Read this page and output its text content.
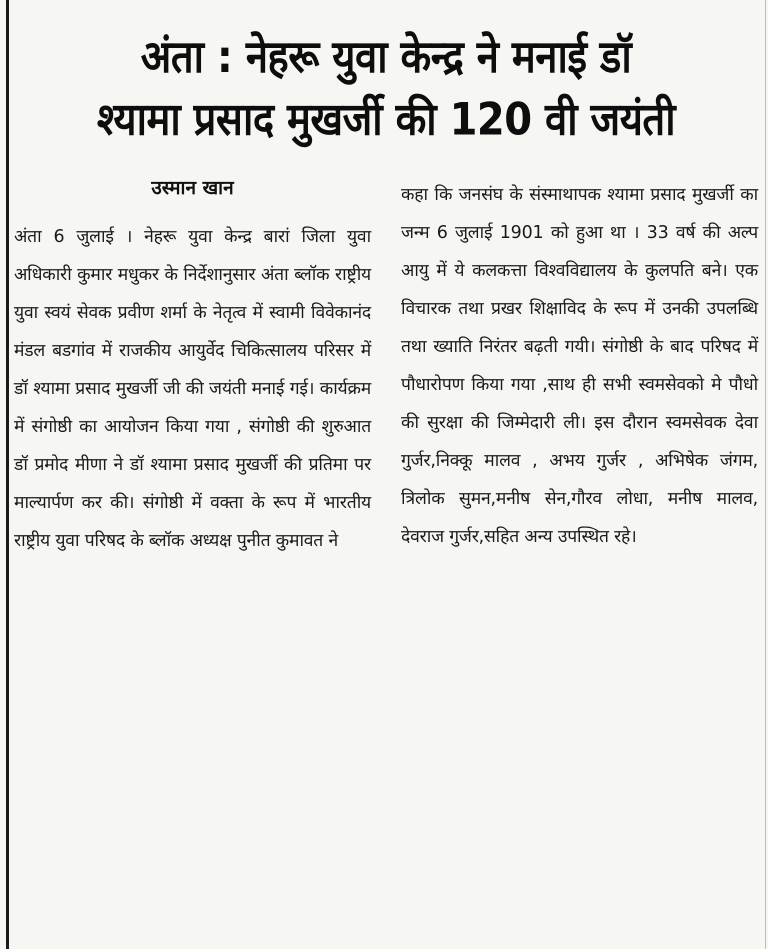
अंता : नेहरू युवा केन्द्र ने मनाई डॉ
श्यामा प्रसाद मुखर्जी की 120 वी जयंती
उस्मान खान

अंता 6 जुलाई । नेहरू युवा केन्द्र बारां जिला युवा अधिकारी कुमार मधुकर के निर्देशानुसार अंता ब्लॉक राष्ट्रीय युवा स्वयं सेवक प्रवीण शर्मा के नेतृत्व में स्वामी विवेकानंद मंडल बडगांव में राजकीय आयुर्वेद चिकित्सालय परिसर में डॉ श्यामा प्रसाद मुखर्जी जी की जयंती मनाई गई। कार्यक्रम में संगोष्ठी का आयोजन किया गया , संगोष्ठी की शुरुआत डॉ प्रमोद मीणा ने डॉ श्यामा प्रसाद मुखर्जी की प्रतिमा पर माल्यार्पण कर की। संगोष्ठी में वक्ता के रूप में भारतीय राष्ट्रीय युवा परिषद के ब्लॉक अध्यक्ष पुनीत कुमावत ने

कहा कि जनसंघ के संस्माथापक श्यामा प्रसाद मुखर्जी का जन्म 6 जुलाई 1901 को हुआ था । 33 वर्ष की अल्प आयु में ये कलकत्ता विश्वविद्यालय के कुलपति बने। एक विचारक तथा प्रखर शिक्षाविद के रूप में उनकी उपलब्धि तथा ख्याति निरंतर बढ़ती गयी। संगोष्ठी के बाद परिषद में पौधारोपण किया गया ,साथ ही सभी स्वमसेवको मे पौधो की सुरक्षा की जिम्मेदारी ली। इस दौरान स्वमसेवक देवा गुर्जर,निक्कू मालव , अभय गुर्जर , अभिषेक जंगम, त्रिलोक सुमन,मनीष सेन,गौरव लोधा, मनीष मालव, देवराज गुर्जर,सहित अन्य उपस्थित रहे।
